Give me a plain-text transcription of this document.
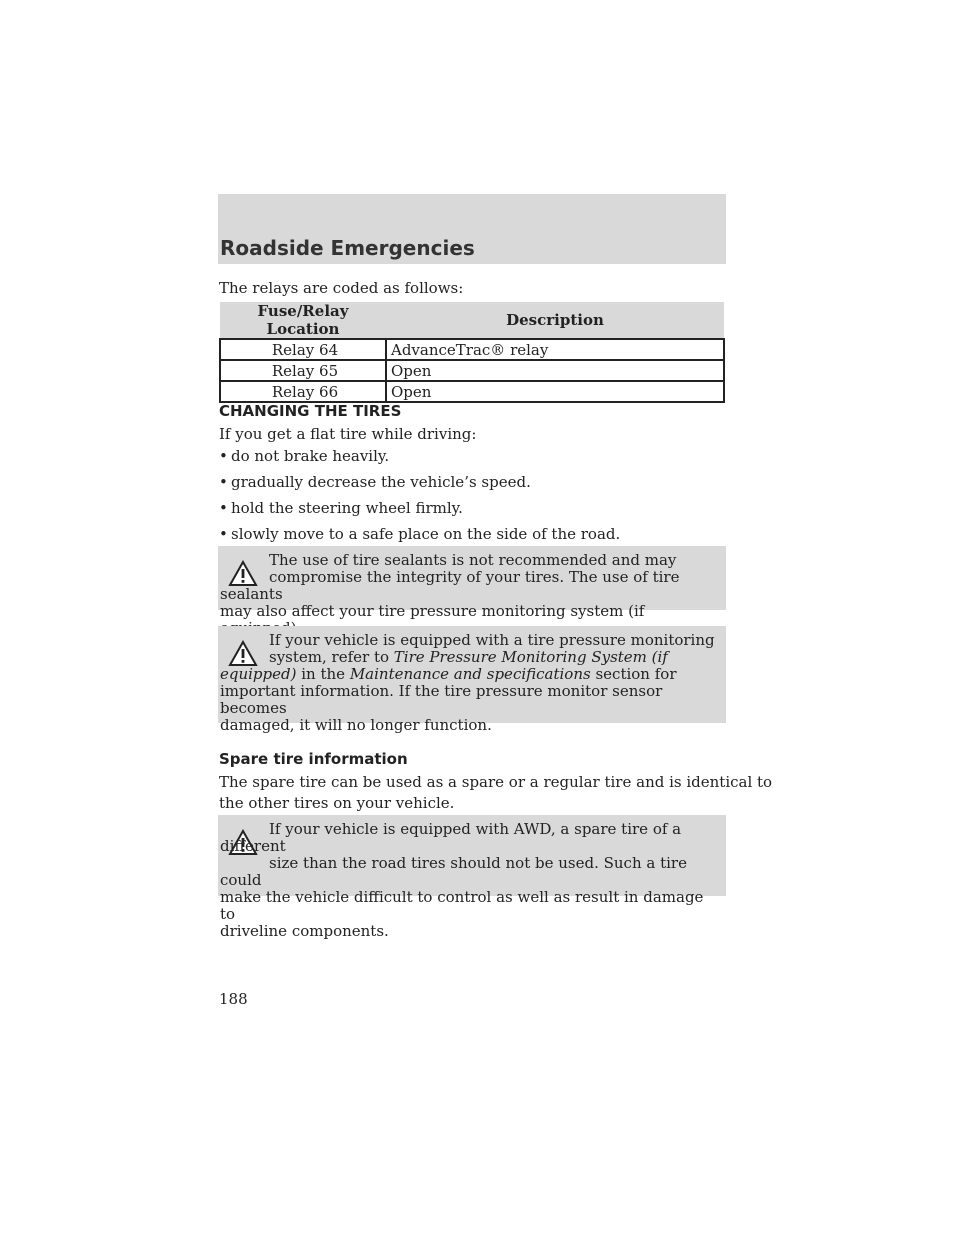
Roadside Emergencies

The relays are coded as follows:

Fuse/Relay Location	Description
Relay 64	AdvanceTrac® relay
Relay 65	Open
Relay 66	Open
CHANGING THE TIRES

If you get a flat tire while driving:

• do not brake heavily.
• gradually decrease the vehicle’s speed.
• hold the steering wheel firmly.
• slowly move to a safe place on the side of the road.
The use of tire sealants is not recommended and may
compromise the integrity of your tires. The use of tire sealants
may also affect your tire pressure monitoring system (if
If your vehicle is equipped with a tire pressure monitoring
system, refer to Tire Pressure Monitoring System (if
equipped) in the Maintenance and specifications section for
important information. If the tire pressure monitor sensor becomes
damaged, it will no longer function.
Spare tire information
The spare tire can be used as a spare or a regular tire and is identical to
the other tires on your vehicle.
If your vehicle is equipped with AWD, a spare tire of a different
size than the road tires should not be used. Such a tire could
make the vehicle difficult to control as well as result in damage to
driveline components.
188
